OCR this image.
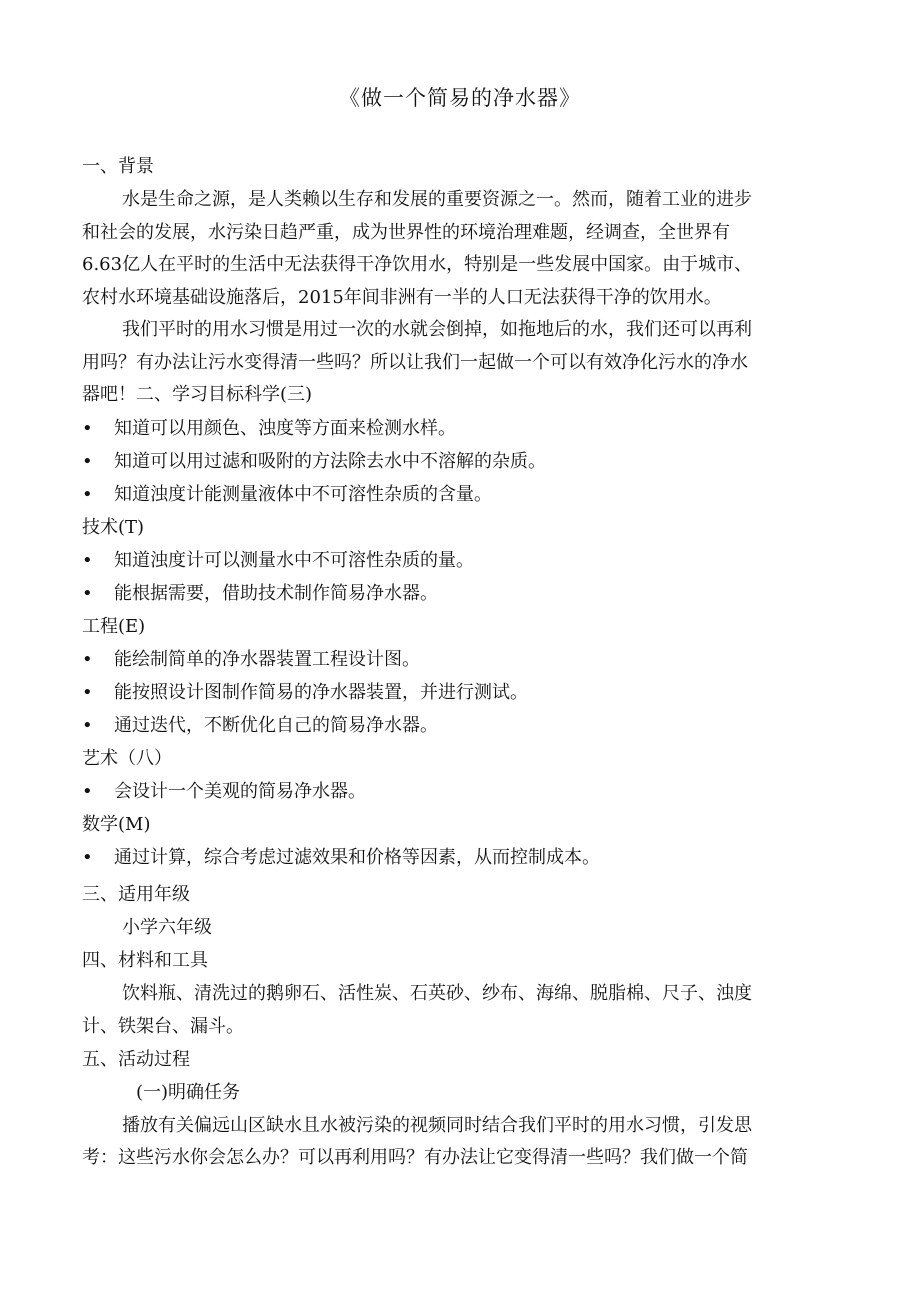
《做一个简易的净水器》
一、背景
水是生命之源，是人类赖以生存和发展的重要资源之一。然而，随着工业的进步
和社会的发展，水污染日趋严重，成为世界性的环境治理难题，经调查，全世界有
6.63亿人在平时的生活中无法获得干净饮用水，特别是一些发展中国家。由于城市、
农村水环境基础设施落后，2015年间非洲有一半的人口无法获得干净的饮用水。
我们平时的用水习惯是用过一次的水就会倒掉，如拖地后的水，我们还可以再利
用吗？有办法让污水变得清一些吗？所以让我们一起做一个可以有效净化污水的净水
器吧！二、学习目标科学(三)
• 知道可以用颜色、浊度等方面来检测水样。
• 知道可以用过滤和吸附的方法除去水中不溶解的杂质。
• 知道浊度计能测量液体中不可溶性杂质的含量。
技术(T)
• 知道浊度计可以测量水中不可溶性杂质的量。
• 能根据需要，借助技术制作简易净水器。
工程(E)
• 能绘制简单的净水器装置工程设计图。
• 能按照设计图制作简易的净水器装置，并进行测试。
• 通过迭代，不断优化自己的简易净水器。
艺术（八）
• 会设计一个美观的简易净水器。
数学(M)
• 通过计算，综合考虑过滤效果和价格等因素，从而控制成本。
三、适用年级
小学六年级
四、材料和工具
饮料瓶、清洗过的鹅卵石、活性炭、石英砂、纱布、海绵、脱脂棉、尺子、浊度
计、铁架台、漏斗。
五、活动过程
(一)明确任务
播放有关偏远山区缺水且水被污染的视频同时结合我们平时的用水习惯，引发思
考：这些污水你会怎么办？可以再利用吗？有办法让它变得清一些吗？我们做一个简
